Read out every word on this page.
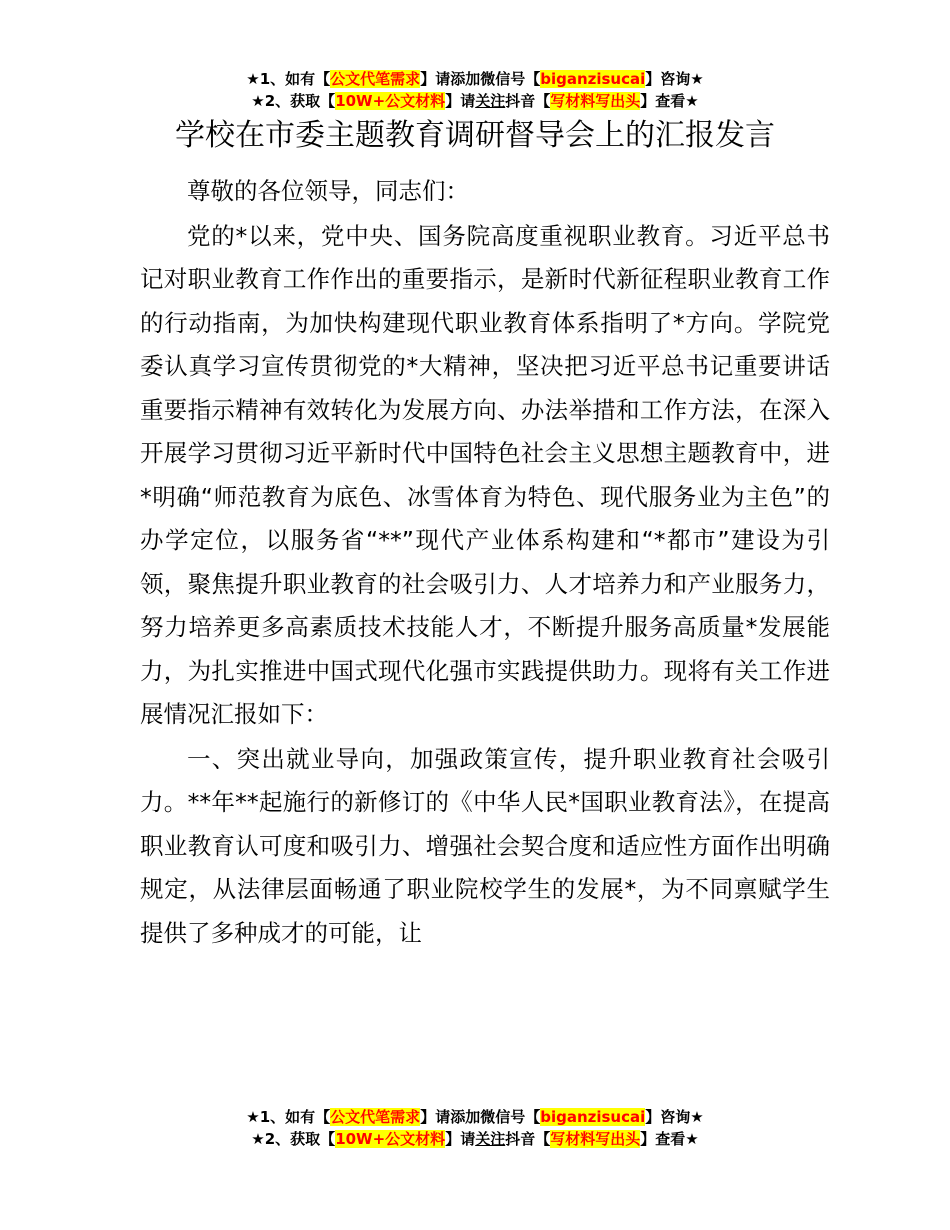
★1、如有【公文代笔需求】请添加微信号【biganzisucai】咨询★
★2、获取【10W+公文材料】请关注抖音【写材料写出头】查看★
学校在市委主题教育调研督导会上的汇报发言

尊敬的各位领导，同志们：

党的*以来，党中央、国务院高度重视职业教育。习近平总书记对职业教育工作作出的重要指示，是新时代新征程职业教育工作的行动指南，为加快构建现代职业教育体系指明了*方向。学院党委认真学习宣传贯彻党的*大精神，坚决把习近平总书记重要讲话重要指示精神有效转化为发展方向、办法举措和工作方法，在深入开展学习贯彻习近平新时代中国特色社会主义思想主题教育中，进*明确“师范教育为底色、冰雪体育为特色、现代服务业为主色”的办学定位，以服务省“**”现代产业体系构建和“*都市”建设为引领，聚焦提升职业教育的社会吸引力、人才培养力和产业服务力，努力培养更多高素质技术技能人才，不断提升服务高质量*发展能力，为扎实推进中国式现代化强市实践提供助力。现将有关工作进展情况汇报如下：

一、突出就业导向，加强政策宣传，提升职业教育社会吸引力。**年**起施行的新修订的《中华人民*国职业教育法》，在提高职业教育认可度和吸引力、增强社会契合度和适应性方面作出明确规定，从法律层面畅通了职业院校学生的发展*，为不同禀赋学生提供了多种成才的可能，让

★1、如有【公文代笔需求】请添加微信号【biganzisucai】咨询★
★2、获取【10W+公文材料】请关注抖音【写材料写出头】查看★
